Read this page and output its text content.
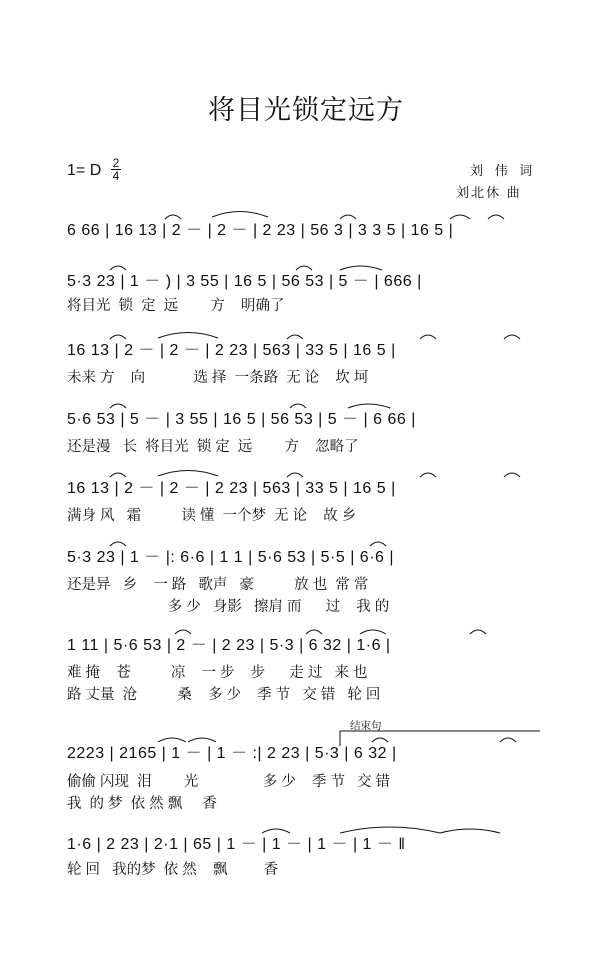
将目光锁定远方
1= D 2
4	刘 伟 词
刘北休 曲
6 66 | 16 13 | 2 － | 2 － | 2 23 | 56 3 | 3 3 5 | 16 5 |
5·3 23 | 1 － ) | 3 55 | 16 5 | 56 53 | 5 － | 666 |
将目光  锁  定  远        方    明确了
16 13 | 2 － | 2 － | 2 23 | 563 | 33 5 | 16 5 |
未来 方    向            选 择  一条路  无 论    坎 坷
5·6 53 | 5 － | 3 55 | 16 5 | 56 53 | 5 － | 6 66 |
还是漫   长  将目光  锁 定  远        方    忽略了
16 13 | 2 － | 2 － | 2 23 | 563 | 33 5 | 16 5 |
满身 风   霜          读 懂  一个梦  无 论    故 乡
5·3 23 | 1 － |: 6·6 | 1 1 | 5·6 53 | 5·5 | 6·6 |
还是异   乡    一 路   歌声   豪          放 也  常 常
多 少   身影   擦肩 而      过    我 的
1 11 | 5·6 53 | 2 － | 2 23 | 5·3 | 6 32 | 1·6 |
难 掩    苍          凉    一 步    步      走 过   来 也
路 丈量  沧          桑    多 少    季 节   交 错   轮 回
结束句
2223 | 2165 | 1 － | 1 － :| 2 23 | 5·3 | 6 32 |
偷偷 闪现  泪        光                多 少    季 节   交 错
我  的 梦  依 然 飘     香
1·6 | 2 23 | 2·1 | 65 | 1 － | 1 － | 1 － | 1 － ‖
轮 回   我的梦  依 然    飘         香
